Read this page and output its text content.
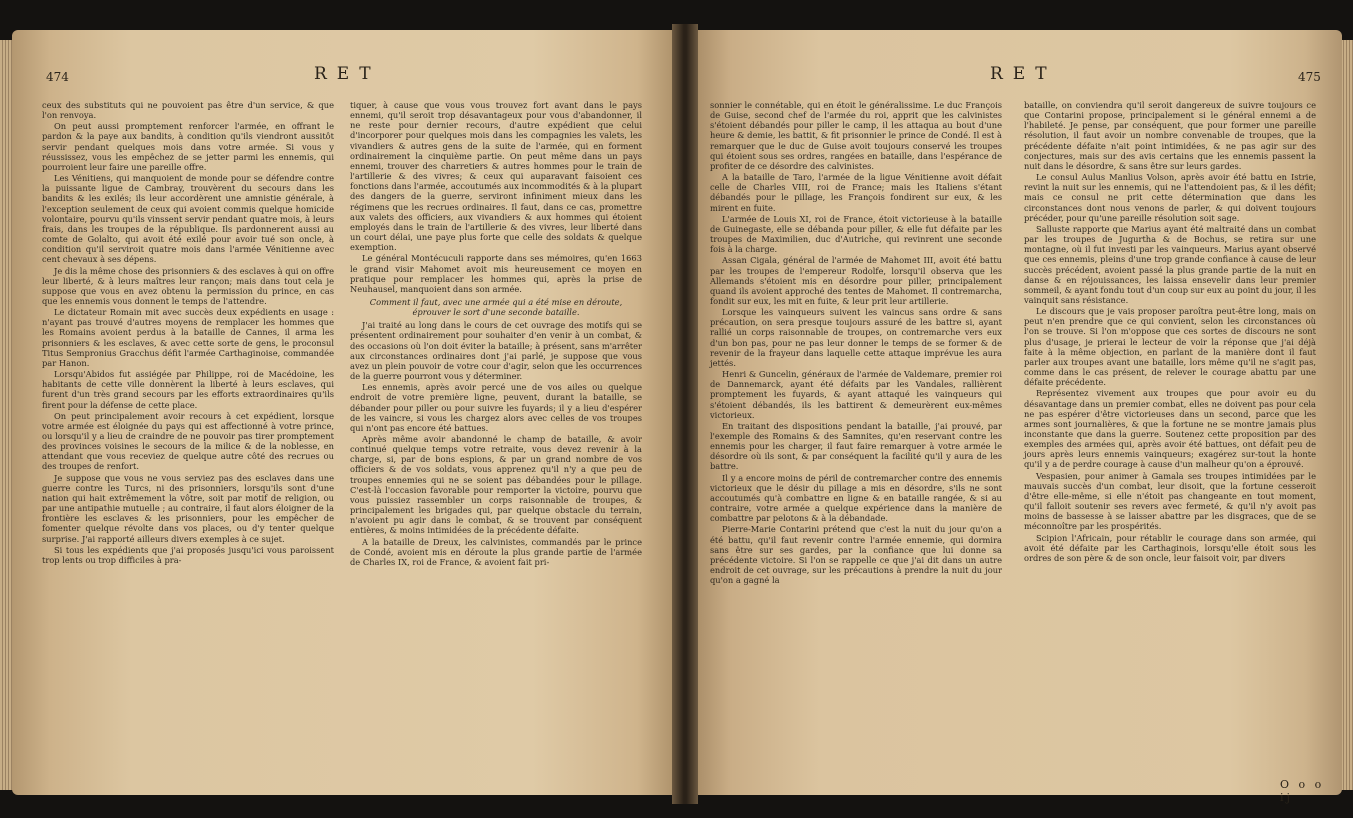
474	RET

ceux des substituts qui ne pouvoient pas être d'un service, & que l'on renvoya.

On peut aussi promptement renforcer l'armée, en offrant le pardon & la paye aux bandits, à condition qu'ils viendront aussitôt servir pendant quelques mois dans votre armée. Si vous y réussissez, vous les empêchez de se jetter parmi les ennemis, qui pourroient leur faire une pareille offre.

Les Vénitiens, qui manquoient de monde pour se défendre contre la puissante ligue de Cambray, trouvèrent du secours dans les bandits & les exilés; ils leur accordèrent une amnistie générale, à l'exception seulement de ceux qui avoient commis quelque homicide volontaire, pourvu qu'ils vinssent servir pendant quatre mois, à leurs frais, dans les troupes de la république. Ils pardonnerent aussi au comte de Golalto, qui avoit été exilé pour avoir tué son oncle, à condition qu'il serviroit quatre mois dans l'armée Vénitienne avec cent chevaux à ses dépens.

Je dis la même chose des prisonniers & des esclaves à qui on offre leur liberté, & à leurs maîtres leur rançon; mais dans tout cela je suppose que vous en avez obtenu la permission du prince, en cas que les ennemis vous donnent le temps de l'attendre.

Le dictateur Romain mit avec succès deux expédients en usage : n'ayant pas trouvé d'autres moyens de remplacer les hommes que les Romains avoient perdus à la bataille de Cannes, il arma les prisonniers & les esclaves, & avec cette sorte de gens, le proconsul Titus Sempronius Gracchus défit l'armée Carthaginoise, commandée par Hanon.

Lorsqu'Abidos fut assiégée par Philippe, roi de Macédoine, les habitants de cette ville donnèrent la liberté à leurs esclaves, qui furent d'un très grand secours par les efforts extraordinaires qu'ils firent pour la défense de cette place.

On peut principalement avoir recours à cet expédient, lorsque votre armée est éloignée du pays qui est affectionné à votre prince, ou lorsqu'il y a lieu de craindre de ne pouvoir pas tirer promptement des provinces voisines le secours de la milice & de la noblesse, en attendant que vous receviez de quelque autre côté des recrues ou des troupes de renfort.

Je suppose que vous ne vous serviez pas des esclaves dans une guerre contre les Turcs, ni des prisonniers, lorsqu'ils sont d'une nation qui hait extrêmement la vôtre, soit par motif de religion, ou par une antipathie mutuelle ; au contraire, il faut alors éloigner de la frontière les esclaves & les prisonniers, pour les empêcher de fomenter quelque révolte dans vos places, ou d'y tenter quelque surprise. J'ai rapporté ailleurs divers exemples à ce sujet.

Si tous les expédients que j'ai proposés jusqu'ici vous paroissent trop lents ou trop difficiles à pra-

tiquer, à cause que vous vous trouvez fort avant dans le pays ennemi, qu'il seroit trop désavantageux pour vous d'abandonner, il ne reste pour dernier recours, d'autre expédient que celui d'incorporer pour quelques mois dans les compagnies les valets, les vivandiers & autres gens de la suite de l'armée, qui en forment ordinairement la cinquième partie. On peut même dans un pays ennemi, trouver des charretiers & autres hommes pour le train de l'artillerie & des vivres; & ceux qui auparavant faisoient ces fonctions dans l'armée, accoutumés aux incommodités & à la plupart des dangers de la guerre, serviront infiniment mieux dans les régimens que les recrues ordinaires. Il faut, dans ce cas, promettre aux valets des officiers, aux vivandiers & aux hommes qui étoient employés dans le train de l'artillerie & des vivres, leur liberté dans un court délai, une paye plus forte que celle des soldats & quelque exemption.

Le général Montécuculi rapporte dans ses mémoires, qu'en 1663 le grand visir Mahomet avoit mis heureusement ce moyen en pratique pour remplacer les hommes qui, après la prise de Neuhausel, manquoient dans son armée.

Comment il faut, avec une armée qui a été mise en déroute, éprouver le sort d'une seconde bataille.

J'ai traité au long dans le cours de cet ouvrage des motifs qui se présentent ordinairement pour souhaiter d'en venir à un combat, & des occasions où l'on doit éviter la bataille; à présent, sans m'arrêter aux circonstances ordinaires dont j'ai parlé, je suppose que vous avez un plein pouvoir de votre cour d'agir, selon que les occurrences de la guerre pourront vous y déterminer.

Les ennemis, après avoir percé une de vos ailes ou quelque endroit de votre première ligne, peuvent, durant la bataille, se débander pour piller ou pour suivre les fuyards; il y a lieu d'espérer de les vaincre, si vous les chargez alors avec celles de vos troupes qui n'ont pas encore été battues.

Après même avoir abandonné le champ de bataille, & avoir continué quelque temps votre retraite, vous devez revenir à la charge, si, par de bons espions, & par un grand nombre de vos officiers & de vos soldats, vous apprenez qu'il n'y a que peu de troupes ennemies qui ne se soient pas débandées pour le pillage. C'est-là l'occasion favorable pour remporter la victoire, pourvu que vous puissiez rassembler un corps raisonnable de troupes, & principalement les brigades qui, par quelque obstacle du terrain, n'avoient pu agir dans le combat, & se trouvent par conséquent entières, & moins intimidées de la précédente défaite.

A la bataille de Dreux, les calvinistes, commandés par le prince de Condé, avoient mis en déroute la plus grande partie de l'armée de Charles IX, roi de France, & avoient fait pri-

RET	475

sonnier le connétable, qui en étoit le généralissime. Le duc François de Guise, second chef de l'armée du roi, apprit que les calvinistes s'étoient débandés pour piller le camp, il les attaqua au bout d'une heure & demie, les battit, & fit prisonnier le prince de Condé. Il est à remarquer que le duc de Guise avoit toujours conservé les troupes qui étoient sous ses ordres, rangées en bataille, dans l'espérance de profiter de ce désordre des calvinistes.

A la bataille de Taro, l'armée de la ligue Vénitienne avoit défait celle de Charles VIII, roi de France; mais les Italiens s'étant débandés pour le pillage, les François fondirent sur eux, & les mirent en fuite.

L'armée de Louis XI, roi de France, étoit victorieuse à la bataille de Guinegaste, elle se débanda pour piller, & elle fut défaite par les troupes de Maximilien, duc d'Autriche, qui revinrent une seconde fois à la charge.

Assan Cigala, général de l'armée de Mahomet III, avoit été battu par les troupes de l'empereur Rodolfe, lorsqu'il observa que les Allemands s'étoient mis en désordre pour piller, principalement quand ils avoient approché des tentes de Mahomet. Il contremarcha, fondit sur eux, les mit en fuite, & leur prit leur artillerie.

Lorsque les vainqueurs suivent les vaincus sans ordre & sans précaution, on sera presque toujours assuré de les battre si, ayant rallié un corps raisonnable de troupes, on contremarche vers eux d'un bon pas, pour ne pas leur donner le temps de se former & de revenir de la frayeur dans laquelle cette attaque imprévue les aura jettés.

Henri & Guncelin, généraux de l'armée de Valdemare, premier roi de Dannemarck, ayant été défaits par les Vandales, rallièrent promptement les fuyards, & ayant attaqué les vainqueurs qui s'étoient débandés, ils les battirent & demeurèrent eux-mêmes victorieux.

En traitant des dispositions pendant la bataille, j'ai prouvé, par l'exemple des Romains & des Samnites, qu'en reservant contre les ennemis pour les charger, il faut faire remarquer à votre armée le désordre où ils sont, & par conséquent la facilité qu'il y aura de les battre.

Il y a encore moins de péril de contremarcher contre des ennemis victorieux que le désir du pillage a mis en désordre, s'ils ne sont accoutumés qu'à combattre en ligne & en bataille rangée, & si au contraire, votre armée a quelque expérience dans la manière de combattre par pelotons & à la débandade.

Pierre-Marie Contarini prétend que c'est la nuit du jour qu'on a été battu, qu'il faut revenir contre l'armée ennemie, qui dormira sans être sur ses gardes, par la confiance que lui donne sa précédente victoire. Si l'on se rappelle ce que j'ai dit dans un autre endroit de cet ouvrage, sur les précautions à prendre la nuit du jour qu'on a gagné la

bataille, on conviendra qu'il seroit dangereux de suivre toujours ce que Contarini propose, principalement si le général ennemi a de l'habileté. Je pense, par conséquent, que pour former une pareille résolution, il faut avoir un nombre convenable de troupes, que la précédente défaite n'ait point intimidées, & ne pas agir sur des conjectures, mais sur des avis certains que les ennemis passent la nuit dans le désordre, & sans être sur leurs gardes.

Le consul Aulus Manlius Volson, après avoir été battu en Istrie, revint la nuit sur les ennemis, qui ne l'attendoient pas, & il les défit; mais ce consul ne prit cette détermination que dans les circonstances dont nous venons de parler, & qui doivent toujours précéder, pour qu'une pareille résolution soit sage.

Salluste rapporte que Marius ayant été maltraité dans un combat par les troupes de Jugurtha & de Bochus, se retira sur une montagne, où il fut investi par les vainqueurs. Marius ayant observé que ces ennemis, pleins d'une trop grande confiance à cause de leur succès précédent, avoient passé la plus grande partie de la nuit en danse & en réjouissances, les laissa ensevelir dans leur premier sommeil, & ayant fondu tout d'un coup sur eux au point du jour, il les vainquit sans résistance.

Le discours que je vais proposer paroîtra peut-être long, mais on peut n'en prendre que ce qui convient, selon les circonstances où l'on se trouve. Si l'on m'oppose que ces sortes de discours ne sont plus d'usage, je prierai le lecteur de voir la réponse que j'ai déjà faite à la même objection, en parlant de la manière dont il faut parler aux troupes avant une bataille, lors même qu'il ne s'agit pas, comme dans le cas présent, de relever le courage abattu par une défaite précédente.

Représentez vivement aux troupes que pour avoir eu du désavantage dans un premier combat, elles ne doivent pas pour cela ne pas espérer d'être victorieuses dans un second, parce que les armes sont journalières, & que la fortune ne se montre jamais plus inconstante que dans la guerre. Soutenez cette proposition par des exemples des armées qui, après avoir été battues, ont défait peu de jours après leurs ennemis vainqueurs; exagérez sur-tout la honte qu'il y a de perdre courage à cause d'un malheur qu'on a éprouvé.

Vespasien, pour animer à Gamala ses troupes intimidées par le mauvais succès d'un combat, leur disoit, que la fortune cesseroit d'être elle-même, si elle n'étoit pas changeante en tout moment, qu'il falloit soutenir ses revers avec fermeté, & qu'il n'y avoit pas moins de bassesse à se laisser abattre par les disgraces, que de se méconnoître par les prospérités.

Scipion l'Africain, pour rétablir le courage dans son armée, qui avoit été défaite par les Carthaginois, lorsqu'elle étoit sous les ordres de son père & de son oncle, leur faisoit voir, par divers

O o o ij
